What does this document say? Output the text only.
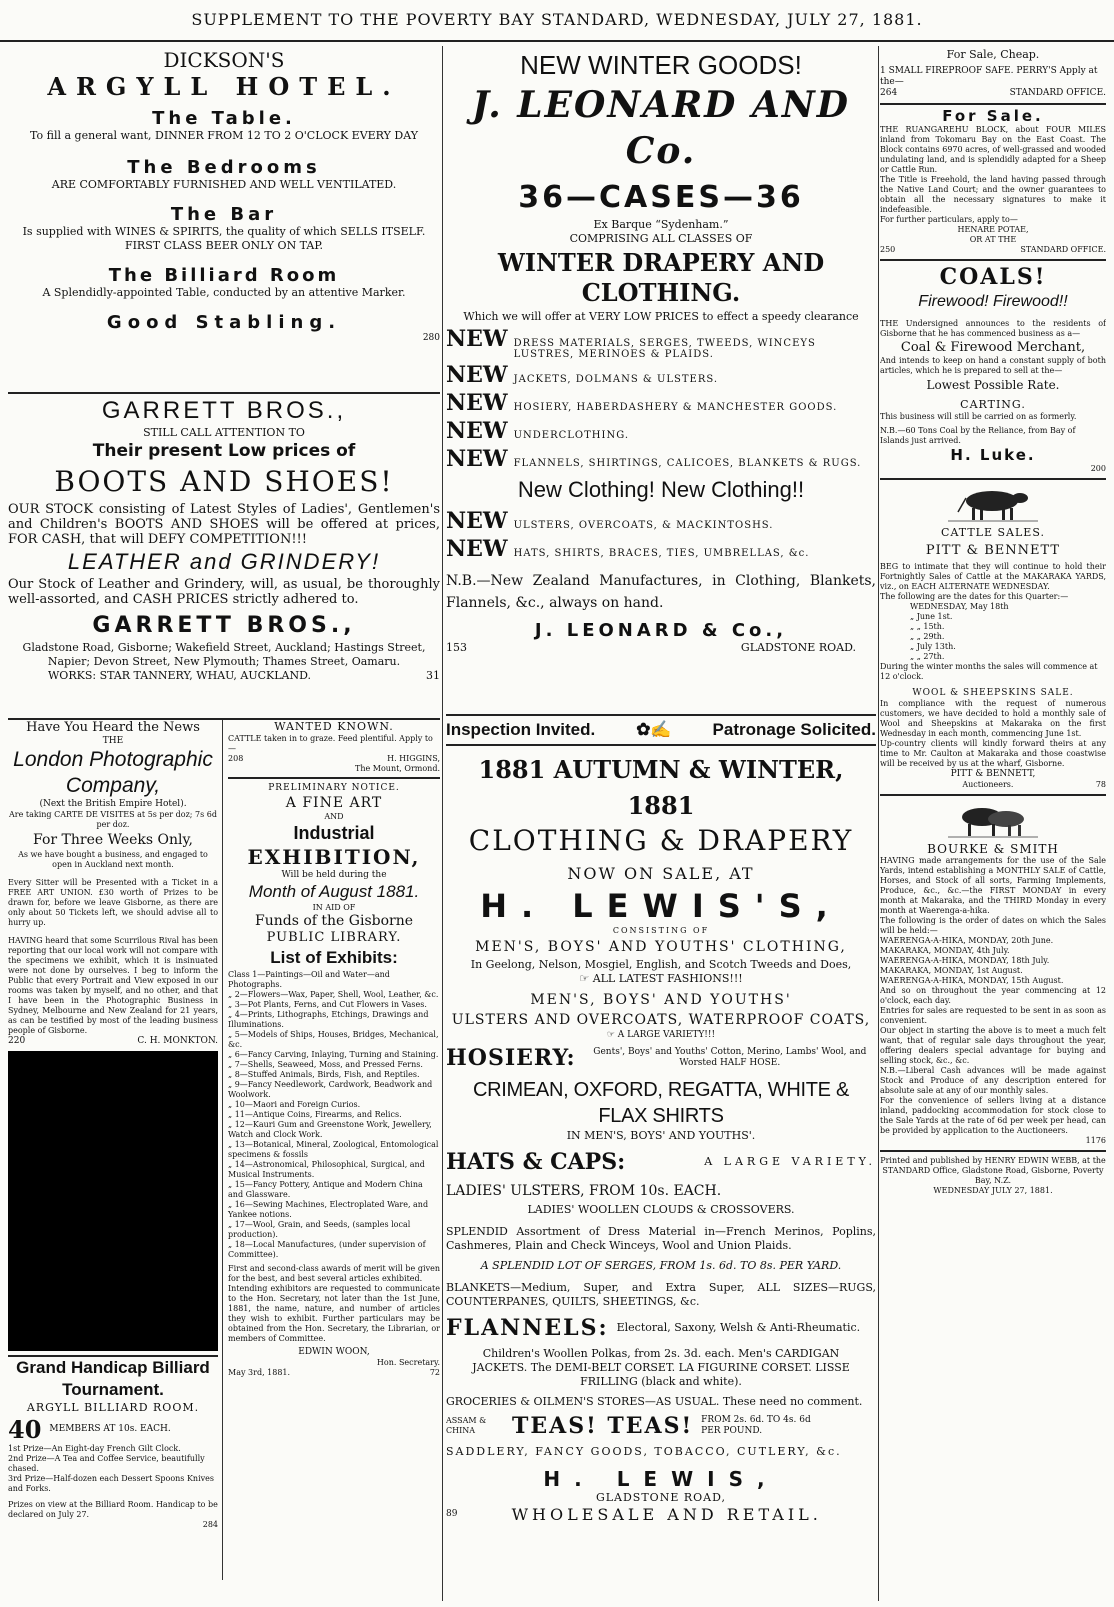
SUPPLEMENT TO THE POVERTY BAY STANDARD, WEDNESDAY, JULY 27, 1881.
DICKSON'S
ARGYLL HOTEL.
The Table.
To fill a general want, DINNER FROM 12 TO 2 O'CLOCK EVERY DAY
The Bedrooms
ARE COMFORTABLY FURNISHED AND WELL VENTILATED.
The Bar
Is supplied with WINES & SPIRITS, the quality of which SELLS ITSELF.
FIRST CLASS BEER ONLY ON TAP.
The Billiard Room
A Splendidly-appointed Table, conducted by an attentive Marker.
Good Stabling.
280
GARRETT BROS.,
STILL CALL ATTENTION TO
Their present Low prices of
BOOTS AND SHOES!
OUR STOCK consisting of Latest Styles of Ladies', Gentlemen's and Children's BOOTS AND SHOES will be offered at prices, FOR CASH, that will DEFY COMPETITION!!!
LEATHER and GRINDERY!
Our Stock of Leather and Grindery, will, as usual, be thoroughly well-assorted, and CASH PRICES strictly adhered to.
GARRETT BROS.,
Gladstone Road, Gisborne; Wakefield Street, Auckland; Hastings Street, Napier; Devon Street, New Plymouth; Thames Street, Oamaru.
WORKS: STAR TANNERY, WHAU, AUCKLAND.	31
Have You Heard the News
THE
London Photographic Company,
(Next the British Empire Hotel).
Are taking CARTE DE VISITES at 5s per doz; 7s 6d per doz.
For Three Weeks Only,
As we have bought a business, and engaged to open in Auckland next month.
Every Sitter will be Presented with a Ticket in a FREE ART UNION. £30 worth of Prizes to be drawn for, before we leave Gisborne, as there are only about 50 Tickets left, we should advise all to hurry up.
HAVING heard that some Scurrilous Rival has been reporting that our local work will not compare with the specimens we exhibit, which it is insinuated were not done by ourselves. I beg to inform the Public that every Portrait and View exposed in our rooms was taken by myself, and no other, and that I have been in the Photographic Business in Sydney, Melbourne and New Zealand for 21 years, as can be testified by most of the leading business people of Gisborne.
220	C. H. MONKTON.
Grand Handicap Billiard
Tournament.
ARGYLL BILLIARD ROOM.
40 MEMBERS AT 10s. EACH.
1st Prize—An Eight-day French Gilt Clock.
2nd Prize—A Tea and Coffee Service, beautifully chased.
3rd Prize—Half-dozen each Dessert Spoons Knives and Forks.
Prizes on view at the Billiard Room. Handicap to be declared on July 27.
284
WANTED KNOWN.
CATTLE taken in to graze. Feed plentiful. Apply to—
208	H. HIGGINS,
The Mount, Ormond.
PRELIMINARY NOTICE.
A FINE ART
AND
Industrial
EXHIBITION,
Will be held during the
Month of August 1881.
IN AID OF
Funds of the Gisborne
PUBLIC LIBRARY.
List of Exhibits:
Class 1—Paintings—Oil and Water—and Photographs.
„ 2—Flowers—Wax, Paper, Shell, Wool, Leather, &c.
„ 3—Pot Plants, Ferns, and Cut Flowers in Vases.
„ 4—Prints, Lithographs, Etchings, Drawings and Illuminations.
„ 5—Models of Ships, Houses, Bridges, Mechanical, &c.
„ 6—Fancy Carving, Inlaying, Turning and Staining.
„ 7—Shells, Seaweed, Moss, and Pressed Ferns.
„ 8—Stuffed Animals, Birds, Fish, and Reptiles.
„ 9—Fancy Needlework, Cardwork, Beadwork and Woolwork.
„ 10—Maori and Foreign Curios.
„ 11—Antique Coins, Firearms, and Relics.
„ 12—Kauri Gum and Greenstone Work, Jewellery, Watch and Clock Work.
„ 13—Botanical, Mineral, Zoological, Entomological specimens & fossils
„ 14—Astronomical, Philosophical, Surgical, and Musical Instruments.
„ 15—Fancy Pottery, Antique and Modern China and Glassware.
„ 16—Sewing Machines, Electroplated Ware, and Yankee notions.
„ 17—Wool, Grain, and Seeds, (samples local production).
„ 18—Local Manufactures, (under supervision of Committee).
First and second-class awards of merit will be given for the best, and best several articles exhibited.
Intending exhibitors are requested to communicate to the Hon. Secretary, not later than the 1st June, 1881, the name, nature, and number of articles they wish to exhibit. Further particulars may be obtained from the Hon. Secretary, the Librarian, or members of Committee.
EDWIN WOON,
Hon. Secretary.
May 3rd, 1881.	72
NEW WINTER GOODS!
J. LEONARD AND Co.
36—CASES—36
Ex Barque “Sydenham.”
COMPRISING ALL CLASSES OF
WINTER DRAPERY AND CLOTHING.
Which we will offer at VERY LOW PRICES to effect a speedy clearance
NEW DRESS MATERIALS, SERGES, TWEEDS, WINCEYS LUSTRES, MERINOES & PLAIDS.
NEW JACKETS, DOLMANS & ULSTERS.
NEW HOSIERY, HABERDASHERY & MANCHESTER GOODS.
NEW UNDERCLOTHING.
NEW FLANNELS, SHIRTINGS, CALICOES, BLANKETS & RUGS.
New Clothing! New Clothing!!
NEW ULSTERS, OVERCOATS, & MACKINTOSHS.
NEW HATS, SHIRTS, BRACES, TIES, UMBRELLAS, &c.
N.B.—New Zealand Manufactures, in Clothing, Blankets, Flannels, &c., always on hand.
J. LEONARD & Co.,
153	GLADSTONE ROAD.
Inspection Invited. ✿✍ Patronage Solicited.
1881 AUTUMN & WINTER, 1881
CLOTHING & DRAPERY
NOW ON SALE, AT
H. LEWIS'S,
CONSISTING OF
MEN'S, BOYS' AND YOUTHS' CLOTHING,
In Geelong, Nelson, Mosgiel, English, and Scotch Tweeds and Does,
☞ ALL LATEST FASHIONS!!!
MEN'S, BOYS' AND YOUTHS'
ULSTERS AND OVERCOATS, WATERPROOF COATS,
☞ A LARGE VARIETY!!!
HOSIERY:	Gents', Boys' and Youths' Cotton, Merino, Lambs' Wool, and Worsted HALF HOSE.
CRIMEAN, OXFORD, REGATTA, WHITE & FLAX SHIRTS
IN MEN'S, BOYS' AND YOUTHS'.
HATS & CAPS:	A LARGE VARIETY.
LADIES' ULSTERS, FROM 10s. EACH.
LADIES' WOOLLEN CLOUDS & CROSSOVERS.
SPLENDID Assortment of Dress Material in—French Merinos, Poplins, Cashmeres, Plain and Check Winceys, Wool and Union Plaids.
A SPLENDID LOT OF SERGES, FROM 1s. 6d. TO 8s. PER YARD.
BLANKETS—Medium, Super, and Extra Super, ALL SIZES—RUGS, COUNTERPANES, QUILTS, SHEETINGS, &c.
FLANNELS: Electoral, Saxony, Welsh & Anti-Rheumatic.
Children's Woollen Polkas, from 2s. 3d. each. Men's CARDIGAN JACKETS. The DEMI-BELT CORSET. LA FIGURINE CORSET. LISSE FRILLING (black and white).
GROCERIES & OILMEN'S STORES—AS USUAL. These need no comment.
ASSAM & CHINA	TEAS! TEAS! FROM 2s. 6d. TO 4s. 6d PER POUND.
SADDLERY, FANCY GOODS, TOBACCO, CUTLERY, &c.
H. LEWIS,
GLADSTONE ROAD,
89	WHOLESALE AND RETAIL.
For Sale, Cheap.
1 SMALL FIREPROOF SAFE. PERRY'S Apply at the—
264	STANDARD OFFICE.
For Sale.
THE RUANGAREHU BLOCK, about FOUR MILES inland from Tokomaru Bay on the East Coast. The Block contains 6970 acres, of well-grassed and wooded undulating land, and is splendidly adapted for a Sheep or Cattle Run.
The Title is Freehold, the land having passed through the Native Land Court; and the owner guarantees to obtain all the necessary signatures to make it indefeasible.
For further particulars, apply to—
HENARE POTAE,
OR AT THE
250	STANDARD OFFICE.
COALS!
Firewood! Firewood!!
THE Undersigned announces to the residents of Gisborne that he has commenced business as a—
Coal & Firewood Merchant,
And intends to keep on hand a constant supply of both articles, which he is prepared to sell at the—
Lowest Possible Rate.
CARTING.
This business will still be carried on as formerly.
N.B.—60 Tons Coal by the Reliance, from Bay of Islands just arrived.
H. Luke.
200
CATTLE SALES.
PITT & BENNETT
BEG to intimate that they will continue to hold their Fortnightly Sales of Cattle at the MAKARAKA YARDS, viz., on EACH ALTERNATE WEDNESDAY.
The following are the dates for this Quarter:—
WEDNESDAY, May 18th
„ June 1st.
„ „ 15th.
„ „ 29th.
„ July 13th.
„ „ 27th.
During the winter months the sales will commence at 12 o'clock.
WOOL & SHEEPSKINS SALE.
In compliance with the request of numerous customers, we have decided to hold a monthly sale of Wool and Sheepskins at Makaraka on the first Wednesday in each month, commencing June 1st.
Up-country clients will kindly forward theirs at any time to Mr. Caulton at Makaraka and those coastwise will be received by us at the wharf, Gisborne.
PITT & BENNETT,
Auctioneers.	78
BOURKE & SMITH
HAVING made arrangements for the use of the Sale Yards, intend establishing a MONTHLY SALE of Cattle, Horses, and Stock of all sorts, Farming Implements, Produce, &c., &c.—the FIRST MONDAY in every month at Makaraka, and the THIRD Monday in every month at Waerenga-a-hika.
The following is the order of dates on which the Sales will be held:—
WAERENGA-A-HIKA, MONDAY, 20th June.
MAKARAKA, MONDAY, 4th July.
WAERENGA-A-HIKA, MONDAY, 18th July.
MAKARAKA, MONDAY, 1st August.
WAERENGA-A-HIKA, MONDAY, 15th August.
And so on throughout the year commencing at 12 o'clock, each day.
Entries for sales are requested to be sent in as soon as convenient.
Our object in starting the above is to meet a much felt want, that of regular sale days throughout the year, offering dealers special advantage for buying and selling stock, &c., &c.
N.B.—Liberal Cash advances will be made against Stock and Produce of any description entered for absolute sale at any of our monthly sales.
For the convenience of sellers living at a distance inland, paddocking accommodation for stock close to the Sale Yards at the rate of 6d per week per head, can be provided by application to the Auctioneers.
1176
Printed and published by HENRY EDWIN WEBB, at the STANDARD Office, Gladstone Road, Gisborne, Poverty Bay, N.Z.
WEDNESDAY JULY 27, 1881.
